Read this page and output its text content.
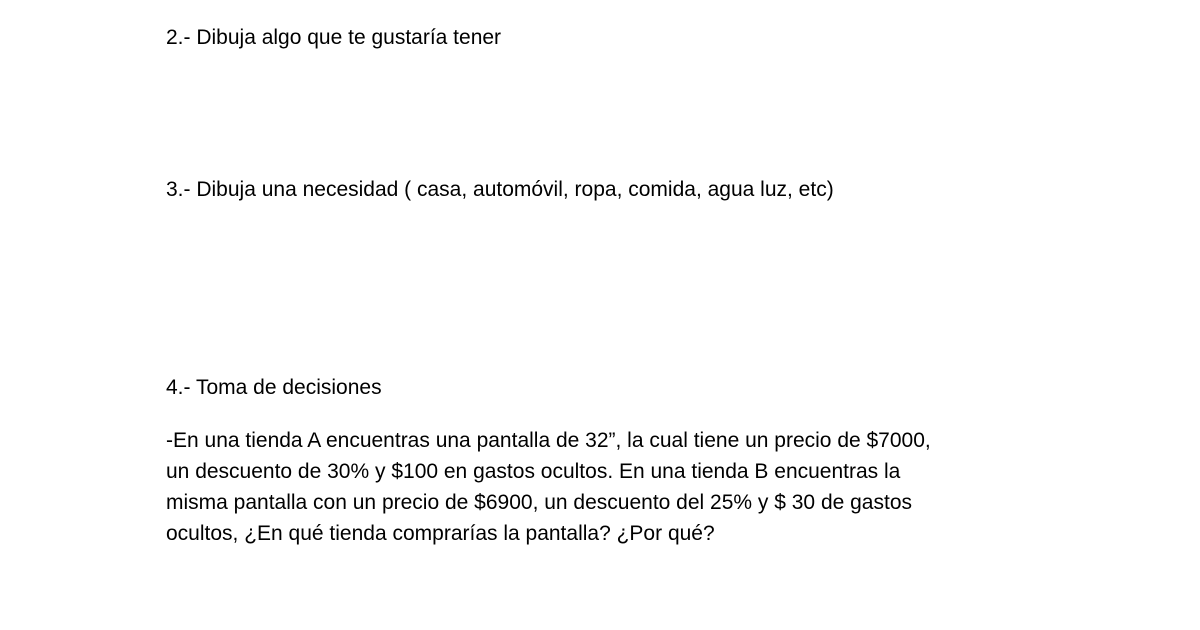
2.- Dibuja algo que te gustaría tener

3.- Dibuja una necesidad ( casa, automóvil, ropa, comida, agua luz, etc)

4.- Toma de decisiones

-En una tienda A encuentras una pantalla de 32”, la cual tiene un precio de $7000,
un descuento de 30% y $100 en gastos ocultos. En una tienda B encuentras la
misma pantalla con un precio de $6900, un descuento del 25% y $ 30 de gastos
ocultos, ¿En qué tienda comprarías la pantalla? ¿Por qué?
